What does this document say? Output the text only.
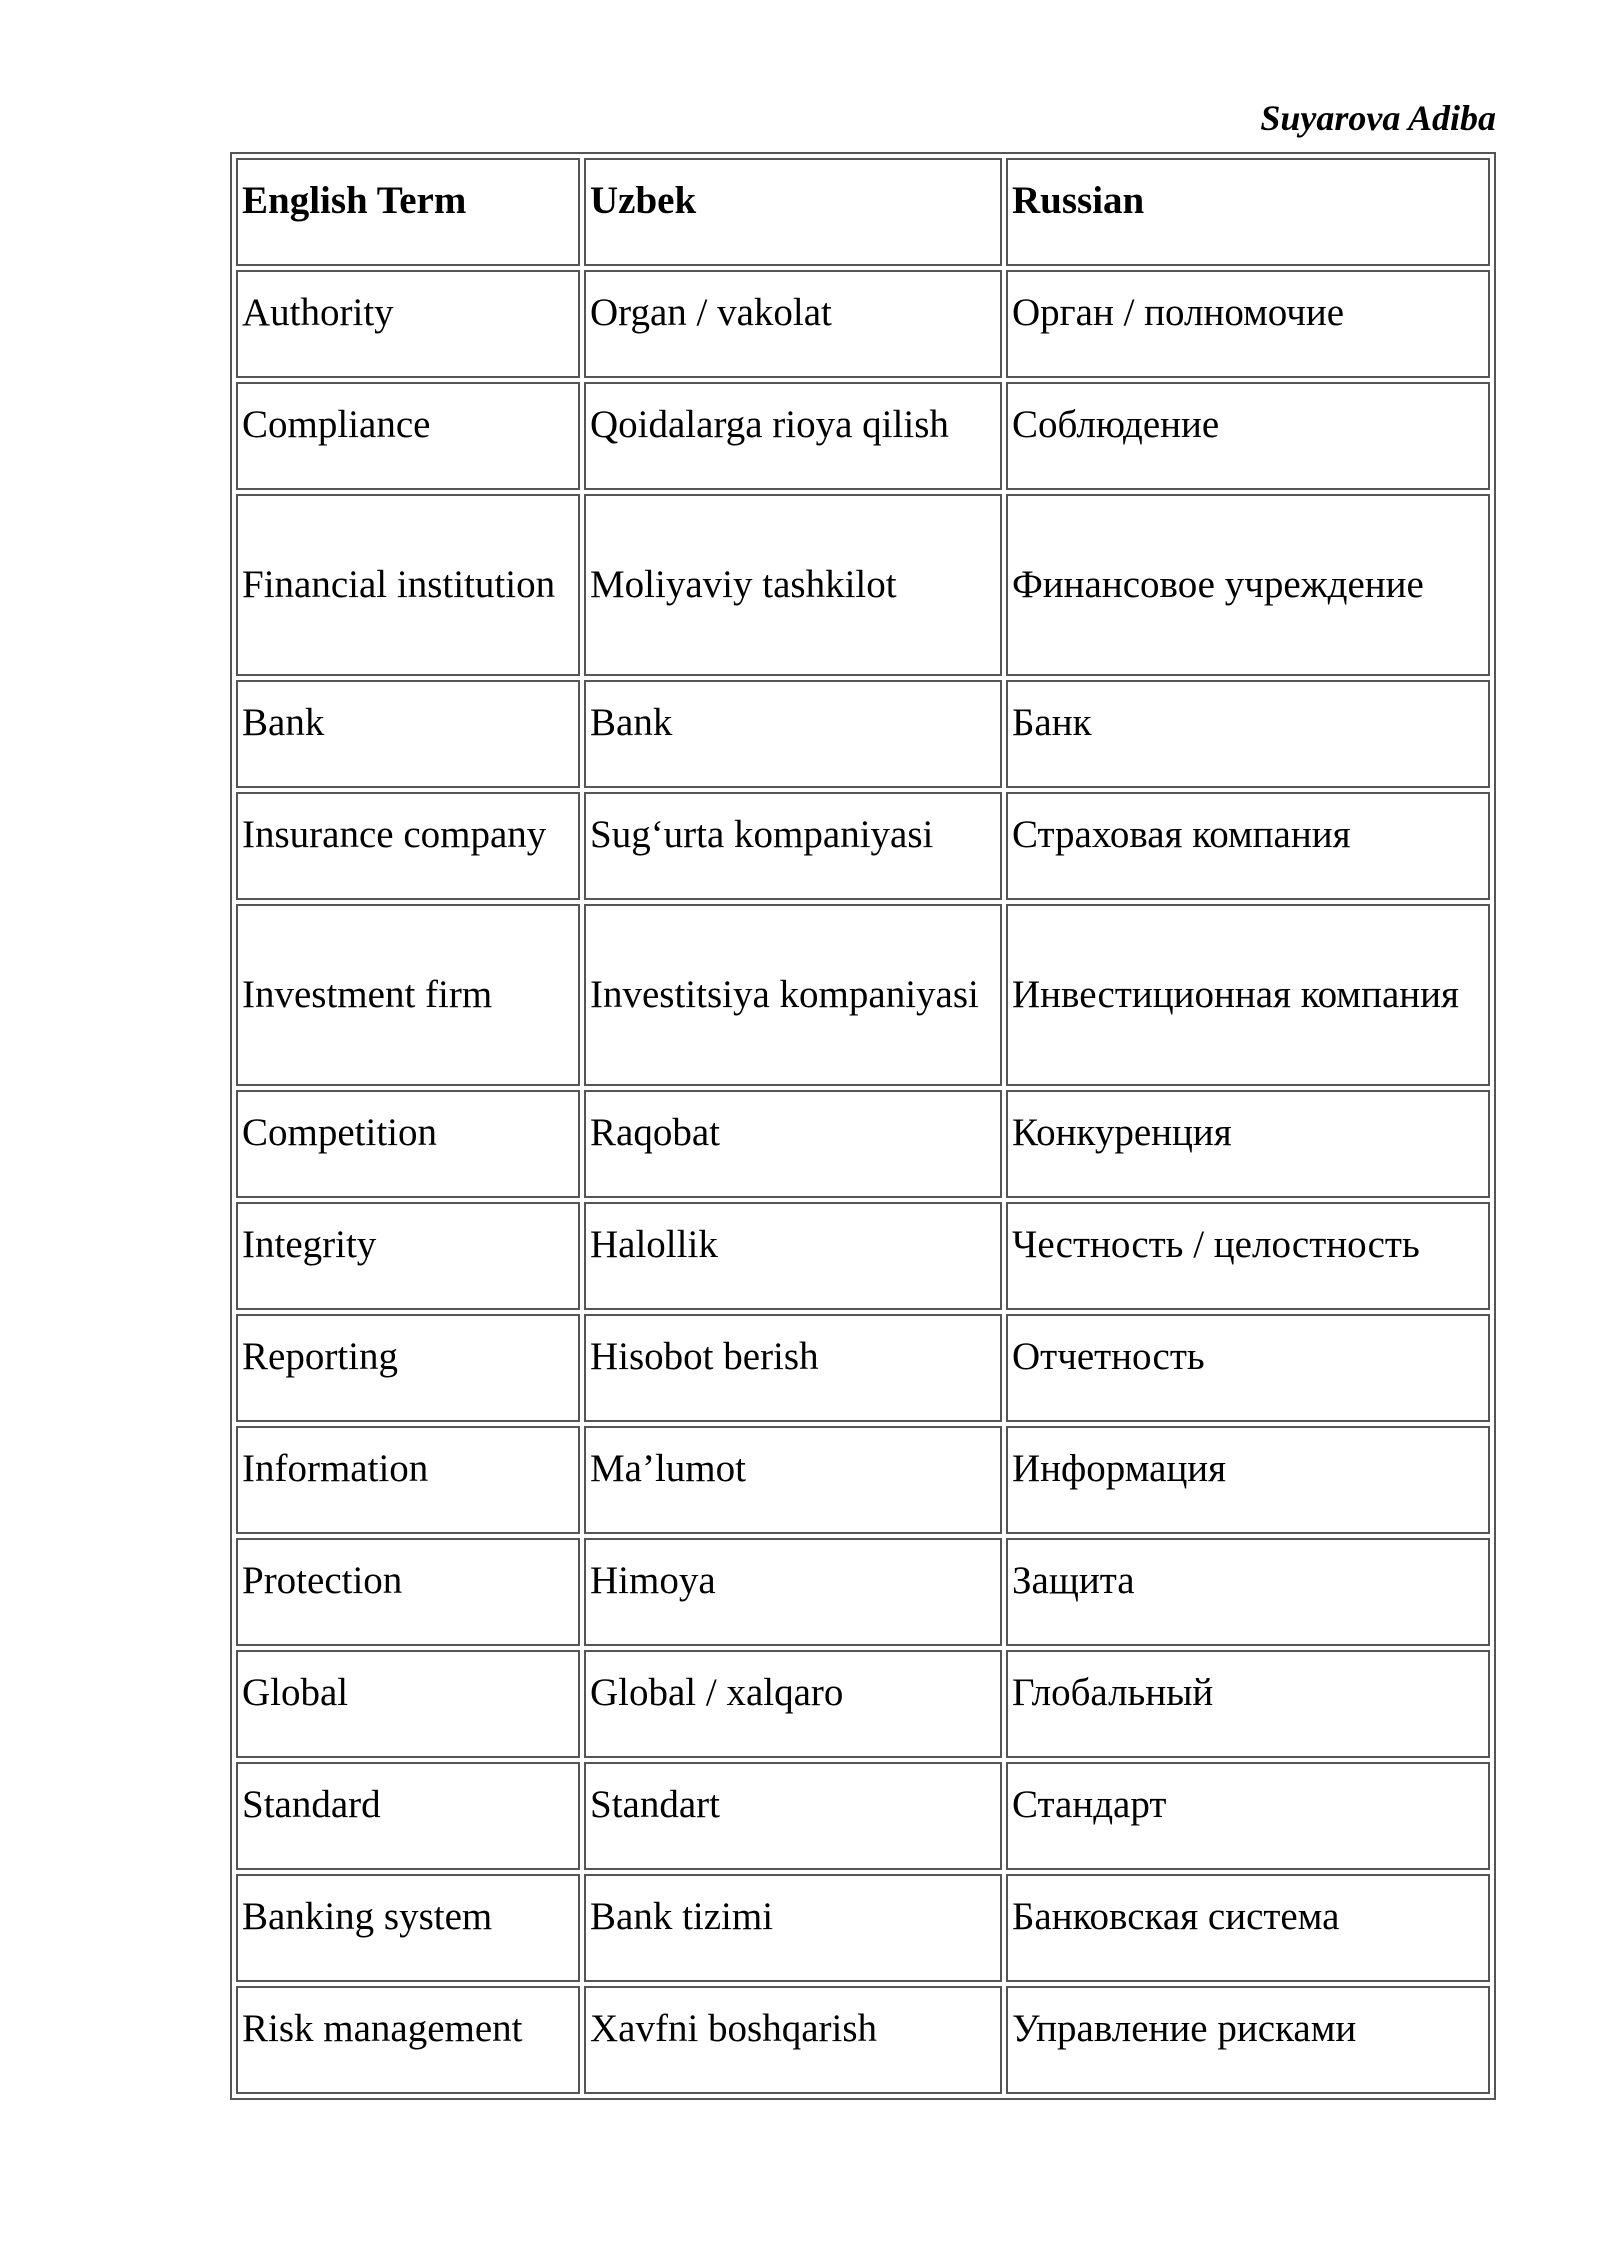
Suyarova Adiba
English Term	Uzbek	Russian
Authority	Organ / vakolat	Орган / полномочие
Compliance	Qoidalarga rioya qilish	Соблюдение
Financial institution	Moliyaviy tashkilot	Финансовое учреждение
Bank	Bank	Банк
Insurance company	Sug‘urta kompaniyasi	Страховая компания
Investment firm	Investitsiya kompaniyasi	Инвестиционная компания
Competition	Raqobat	Конкуренция
Integrity	Halollik	Честность / целостность
Reporting	Hisobot berish	Отчетность
Information	Ma’lumot	Информация
Protection	Himoya	Защита
Global	Global / xalqaro	Глобальный
Standard	Standart	Стандарт
Banking system	Bank tizimi	Банковская система
Risk management	Xavfni boshqarish	Управление рисками
